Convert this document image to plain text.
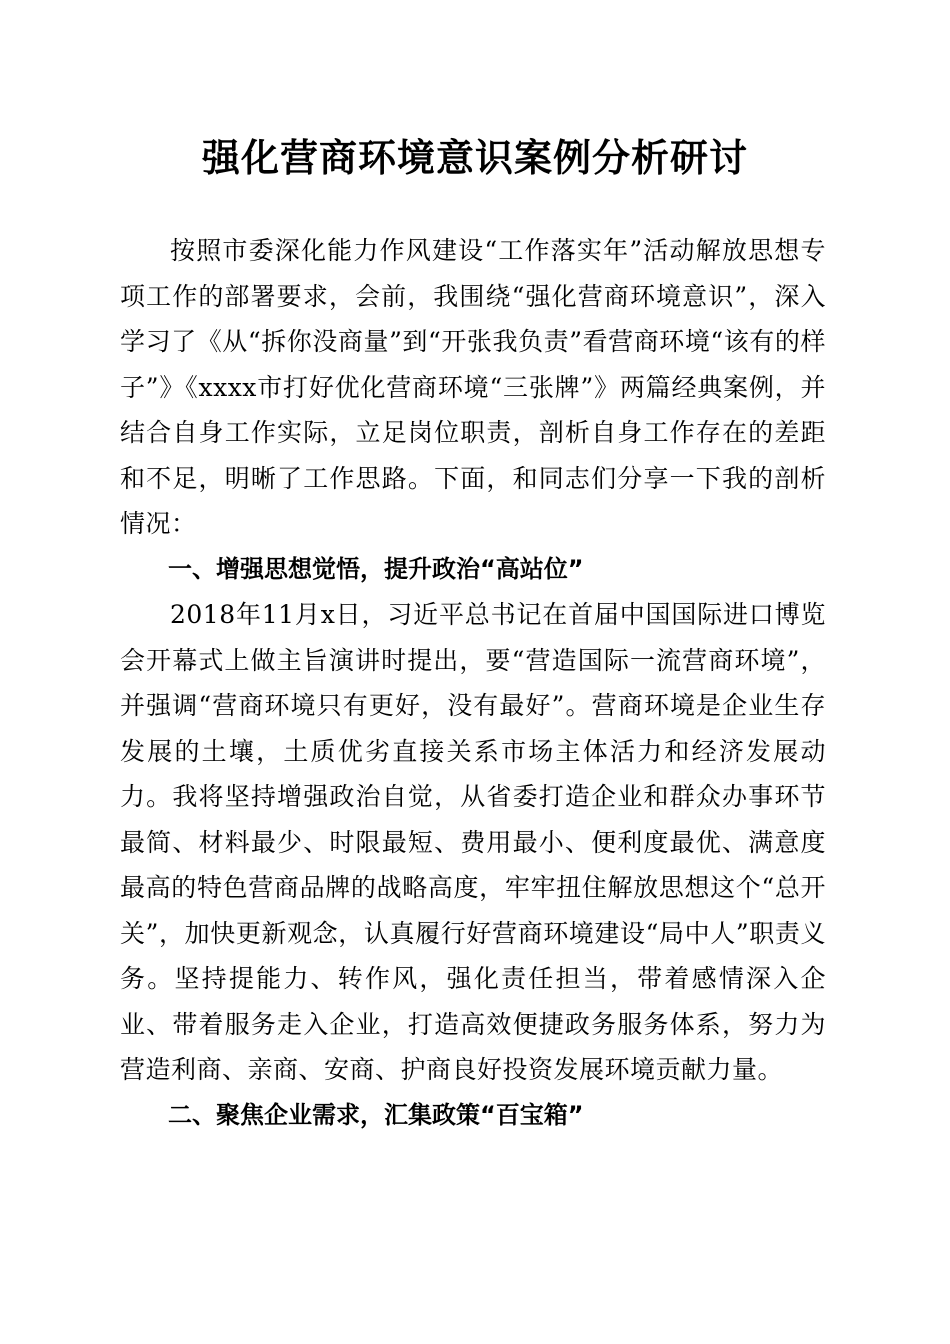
强化营商环境意识案例分析研讨

按照市委深化能力作风建设“工作落实年”活动解放思想专项工作的部署要求，会前，我围绕“强化营商环境意识”，深入学习了《从“拆你没商量”到“开张我负责”看营商环境“该有的样子”》《xxxx市打好优化营商环境“三张牌”》两篇经典案例，并结合自身工作实际，立足岗位职责，剖析自身工作存在的差距和不足，明晰了工作思路。下面，和同志们分享一下我的剖析情况：

一、增强思想觉悟，提升政治“高站位”

2018年11月x日，习近平总书记在首届中国国际进口博览会开幕式上做主旨演讲时提出，要“营造国际一流营商环境”，并强调“营商环境只有更好，没有最好”。营商环境是企业生存发展的土壤，土质优劣直接关系市场主体活力和经济发展动力。我将坚持增强政治自觉，从省委打造企业和群众办事环节最简、材料最少、时限最短、费用最小、便利度最优、满意度最高的特色营商品牌的战略高度，牢牢扭住解放思想这个“总开关”，加快更新观念，认真履行好营商环境建设“局中人”职责义务。坚持提能力、转作风，强化责任担当，带着感情深入企业、带着服务走入企业，打造高效便捷政务服务体系，努力为营造利商、亲商、安商、护商良好投资发展环境贡献力量。

二、聚焦企业需求，汇集政策“百宝箱”
